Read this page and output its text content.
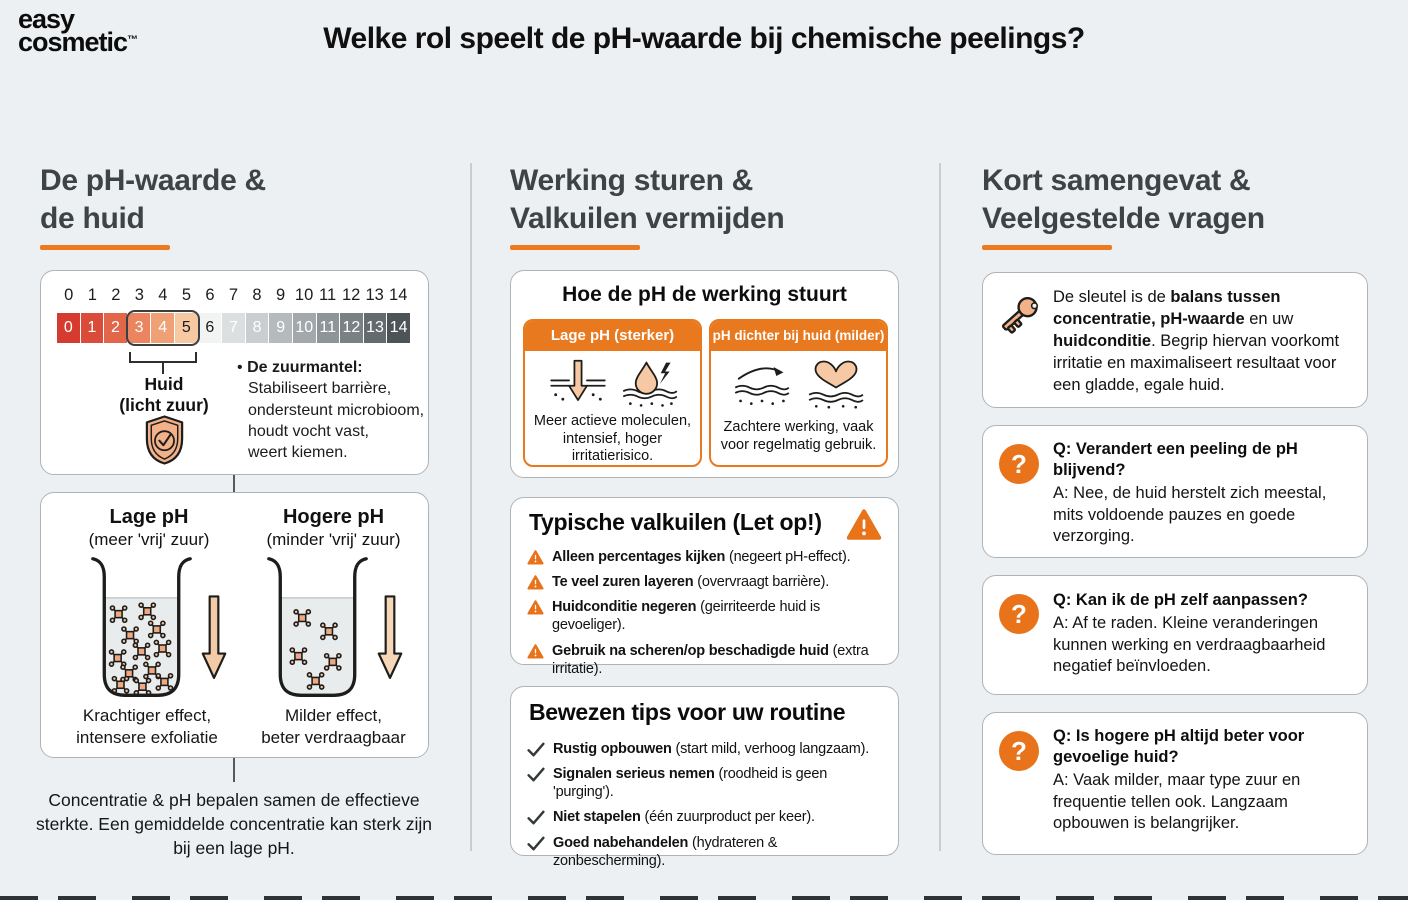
easy
cosmetic™	Welke rol speelt de pH-waarde bij chemische peelings?
De pH-waarde &
de huid
0 1 2 3 4 5 6 7 8 9 10 11 12 13 14
0 1 2 3 4 5 6 7 8 9 10 11 12 13 14
Huid
(licht zuur)
• De zuurmantel:
Stabiliseert barrière,
ondersteunt microbioom,
houdt vocht vast,
weert kiemen.
Lage pH
(meer 'vrij' zuur)
Hogere pH
(minder 'vrij' zuur)
Krachtiger effect,
intensere exfoliatie
Milder effect,
beter verdraagbaar
Concentratie & pH bepalen samen de effectieve sterkte. Een gemiddelde concentratie kan sterk zijn bij een lage pH.
Werking sturen &
Valkuilen vermijden
Hoe de pH de werking stuurt
Lage pH (sterker)
Meer actieve moleculen, intensief, hoger irritatierisico.
pH dichter bij huid (milder)
Zachtere werking, vaak voor regelmatig gebruik.
Typische valkuilen (Let op!)
Alleen percentages kijken (negeert pH-effect).
Te veel zuren layeren (overvraagt barrière).
Huidconditie negeren (geirriteerde huid is gevoeliger).
Gebruik na scheren/op beschadigde huid (extra irritatie).
Bewezen tips voor uw routine
Rustig opbouwen (start mild, verhoog langzaam).
Signalen serieus nemen (roodheid is geen 'purging').
Niet stapelen (één zuurproduct per keer).
Goed nabehandelen (hydrateren & zonbescherming).
Kort samengevat &
Veelgestelde vragen
De sleutel is de balans tussen concentratie, pH-waarde en uw huidconditie. Begrip hiervan voorkomt irritatie en maximaliseert resultaat voor een gladde, egale huid.
?	Q: Verandert een peeling de pH blijvend?
A: Nee, de huid herstelt zich meestal, mits voldoende pauzes en goede verzorging.
?	Q: Kan ik de pH zelf aanpassen?
A: Af te raden. Kleine veranderingen kunnen werking en verdraagbaarheid negatief beïnvloeden.
?	Q: Is hogere pH altijd beter voor gevoelige huid?
A: Vaak milder, maar type zuur en frequentie tellen ook. Langzaam opbouwen is belangrijker.
